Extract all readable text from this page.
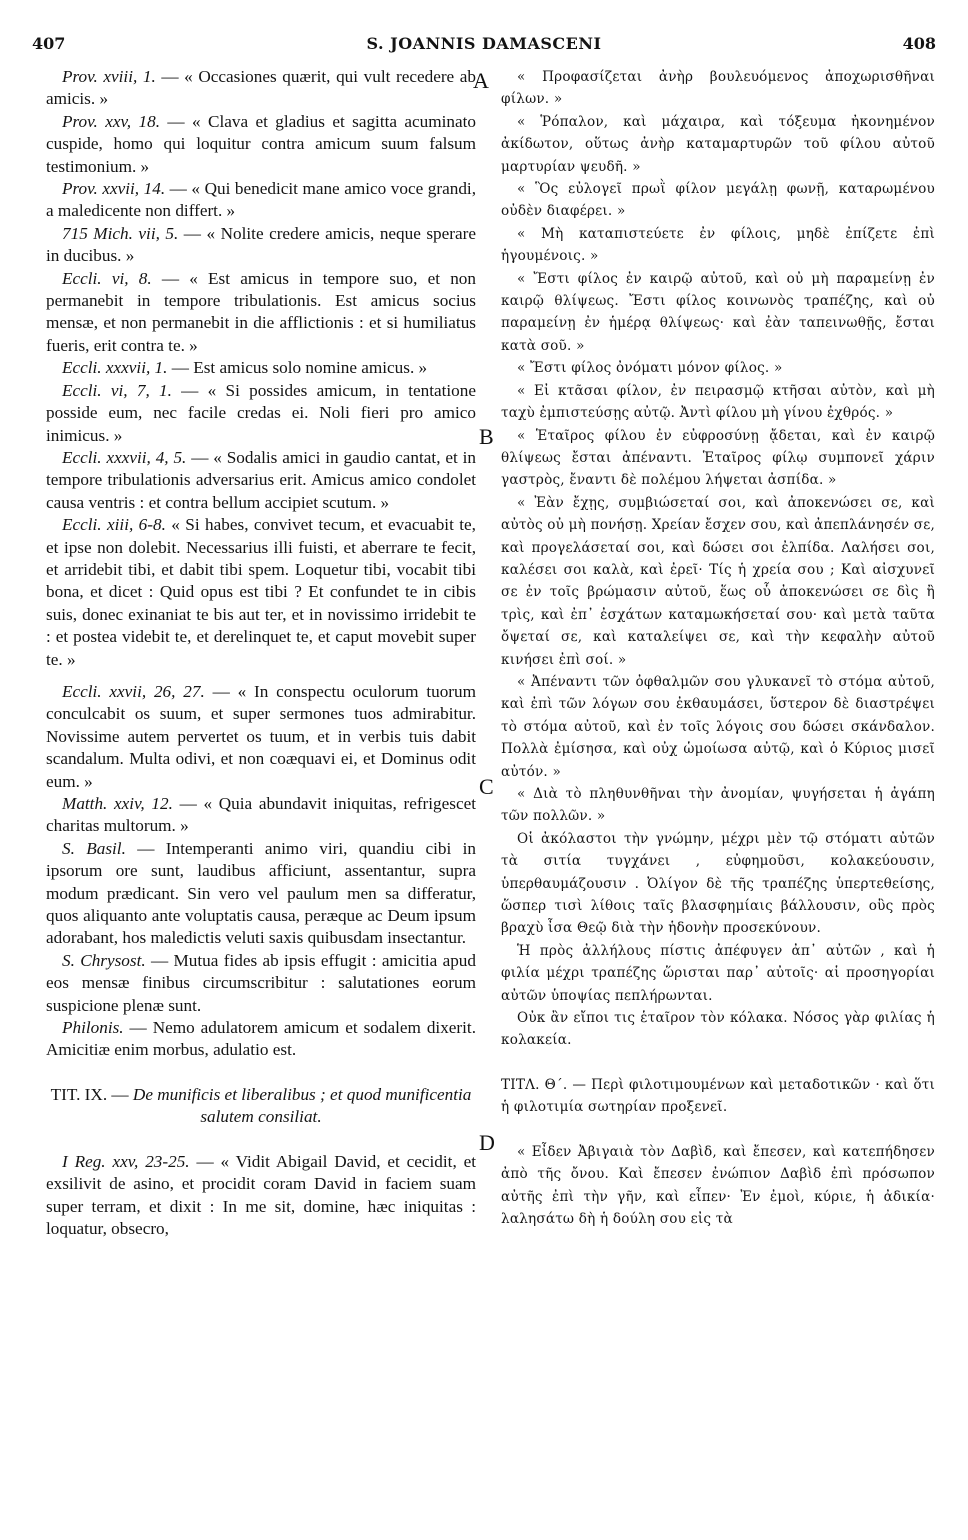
407	S. JOANNIS DAMASCENI	408
A
B
C
D

Prov. xviii, 1. — « Occasiones quærit, qui vult recedere ab amicis. »

Prov. xxv, 18. — « Clava et gladius et sagitta acuminato cuspide, homo qui loquitur contra amicum suum falsum testimonium. »

Prov. xxvii, 14. — « Qui benedicit mane amico voce grandi, a maledicente non differt. »

715 Mich. vii, 5. — « Nolite credere amicis, neque sperare in ducibus. »

Eccli. vi, 8. — « Est amicus in tempore suo, et non permanebit in tempore tribulationis. Est amicus socius mensæ, et non permanebit in die afflictionis : et si humiliatus fueris, erit contra te. »

Eccli. xxxvii, 1. — Est amicus solo nomine amicus. »

Eccli. vi, 7, 1. — « Si possides amicum, in tentatione posside eum, nec facile credas ei. Noli fieri pro amico inimicus. »

Eccli. xxxvii, 4, 5. — « Sodalis amici in gaudio cantat, et in tempore tribulationis adversarius erit. Amicus amico condolet causa ventris : et contra bellum accipiet scutum. »

Eccli. xiii, 6-8. « Si habes, convivet tecum, et evacuabit te, et ipse non dolebit. Necessarius illi fuisti, et aberrare te fecit, et arridebit tibi, et dabit tibi spem. Loquetur tibi, vocabit tibi bona, et dicet : Quid opus est tibi ? Et confundet te in cibis suis, donec exinaniat te bis aut ter, et in novissimo irridebit te : et postea videbit te, et derelinquet te, et caput movebit super te. »

Eccli. xxvii, 26, 27. — « In conspectu oculorum tuorum conculcabit os suum, et super sermones tuos admirabitur. Novissime autem pervertet os tuum, et in verbis tuis dabit scandalum. Multa odivi, et non coæquavi ei, et Dominus odit eum. »

Matth. xxiv, 12. — « Quia abundavit iniquitas, refrigescet charitas multorum. »

S. Basil. — Intemperanti animo viri, quandiu cibi in ipsorum ore sunt, laudibus afficiunt, assentantur, supra modum prædicant. Sin vero vel paulum men sa differatur, quos aliquanto ante voluptatis causa, peræque ac Deum ipsum adorabant, hos maledictis veluti saxis quibusdam insectantur.

S. Chrysost. — Mutua fides ab ipsis effugit : amicitia apud eos mensæ finibus circumscribitur : salutationes eorum suspicione plenæ sunt.

Philonis. — Nemo adulatorem amicum et sodalem dixerit. Amicitiæ enim morbus, adulatio est.

TIT. IX. — De munificis et liberalibus ; et quod munificentia salutem consiliat.

I Reg. xxv, 23-25. — « Vidit Abigail David, et cecidit, et exsilivit de asino, et procidit coram David in faciem suam super terram, et dixit : In me sit, domine, hæc iniquitas : loquatur, obsecro,

« Προφασίζεται ἀνὴρ βουλευόμενος ἀποχωρισθῆναι φίλων. »

« Ῥόπαλον, καὶ μάχαιρα, καὶ τόξευμα ἠκονημένον ἀκίδωτον, οὕτως ἀνὴρ καταμαρτυρῶν τοῦ φίλου αὐτοῦ μαρτυρίαν ψευδῆ. »

« Ὃς εὐλογεῖ πρωῒ φίλον μεγάλῃ φωνῇ, καταρωμένου οὐδὲν διαφέρει. »

« Μὴ καταπιστεύετε ἐν φίλοις, μηδὲ ἐπίζετε ἐπὶ ἡγουμένοις. »

« Ἔστι φίλος ἐν καιρῷ αὐτοῦ, καὶ οὐ μὴ παραμείνῃ ἐν καιρῷ θλίψεως. Ἔστι φίλος κοινωνὸς τραπέζης, καὶ οὐ παραμείνῃ ἐν ἡμέρᾳ θλίψεως· καὶ ἐὰν ταπεινωθῇς, ἔσται κατὰ σοῦ. »

« Ἔστι φίλος ὀνόματι μόνον φίλος. »

« Εἰ κτᾶσαι φίλον, ἐν πειρασμῷ κτῆσαι αὐτὸν, καὶ μὴ ταχὺ ἐμπιστεύσῃς αὐτῷ. Ἀντὶ φίλου μὴ γίνου ἐχθρός. »

« Ἑταῖρος φίλου ἐν εὐφροσύνῃ ᾄδεται, καὶ ἐν καιρῷ θλίψεως ἔσται ἀπέναντι. Ἑταῖρος φίλῳ συμπονεῖ χάριν γαστρὸς, ἔναντι δὲ πολέμου λήψεται ἀσπίδα. »

« Ἐὰν ἔχῃς, συμβιώσεταί σοι, καὶ ἀποκενώσει σε, καὶ αὐτὸς οὐ μὴ πονήσῃ. Χρείαν ἔσχεν σου, καὶ ἀπεπλάνησέν σε, καὶ προγελάσεταί σοι, καὶ δώσει σοι ἐλπίδα. Λαλήσει σοι, καλέσει σοι καλὰ, καὶ ἐρεῖ· Τίς ἡ χρεία σου ; Καὶ αἰσχυνεῖ σε ἐν τοῖς βρώμασιν αὐτοῦ, ἕως οὗ ἀποκενώσει σε δὶς ἢ τρὶς, καὶ ἐπ᾽ ἐσχάτων καταμωκήσεταί σου· καὶ μετὰ ταῦτα ὄψεταί σε, καὶ καταλείψει σε, καὶ τὴν κεφαλὴν αὐτοῦ κινήσει ἐπὶ σοί. »

« Ἀπέναντι τῶν ὀφθαλμῶν σου γλυκανεῖ τὸ στόμα αὐτοῦ, καὶ ἐπὶ τῶν λόγων σου ἐκθαυμάσει, ὕστερον δὲ διαστρέψει τὸ στόμα αὐτοῦ, καὶ ἐν τοῖς λόγοις σου δώσει σκάνδαλον. Πολλὰ ἐμίσησα, καὶ οὐχ ὡμοίωσα αὐτῷ, καὶ ὁ Κύριος μισεῖ αὐτόν. »

« Διὰ τὸ πληθυνθῆναι τὴν ἀνομίαν, ψυγήσεται ἡ ἀγάπη τῶν πολλῶν. »

Οἱ ἀκόλαστοι τὴν γνώμην, μέχρι μὲν τῷ στόματι αὐτῶν τὰ σιτία τυγχάνει , εὐφημοῦσι, κολακεύουσιν, ὑπερθαυμάζουσιν . Ὀλίγον δὲ τῆς τραπέζης ὑπερτεθείσης, ὥσπερ τισὶ λίθοις ταῖς βλασφημίαις βάλλουσιν, οὓς πρὸς βραχὺ ἶσα Θεῷ διὰ τὴν ἡδονὴν προσεκύνουν.

Ἡ πρὸς ἀλλήλους πίστις ἀπέφυγεν ἀπ᾽ αὐτῶν , καὶ ἡ φιλία μέχρι τραπέζης ὥρισται παρ᾽ αὐτοῖς· αἱ προσηγορίαι αὐτῶν ὑποψίας πεπλήρωνται.

Οὐκ ἂν εἴποι τις ἑταῖρον τὸν κόλακα. Νόσος γὰρ φιλίας ἡ κολακεία.

ΤΙΤΛ. Θ΄. — Περὶ φιλοτιμουμένων καὶ μεταδοτικῶν · καὶ ὅτι ἡ φιλοτιμία σωτηρίαν προξενεῖ.

« Εἶδεν Ἀβιγαιὰ τὸν Δαβὶδ, καὶ ἔπεσεν, καὶ κατεπήδησεν ἀπὸ τῆς ὄνου. Καὶ ἔπεσεν ἐνώπιον Δαβὶδ ἐπὶ πρόσωπον αὐτῆς ἐπὶ τὴν γῆν, καὶ εἶπεν· Ἐν ἐμοὶ, κύριε, ἡ ἀδικία· λαλησάτω δὴ ἡ δούλη σου εἰς τὰ
